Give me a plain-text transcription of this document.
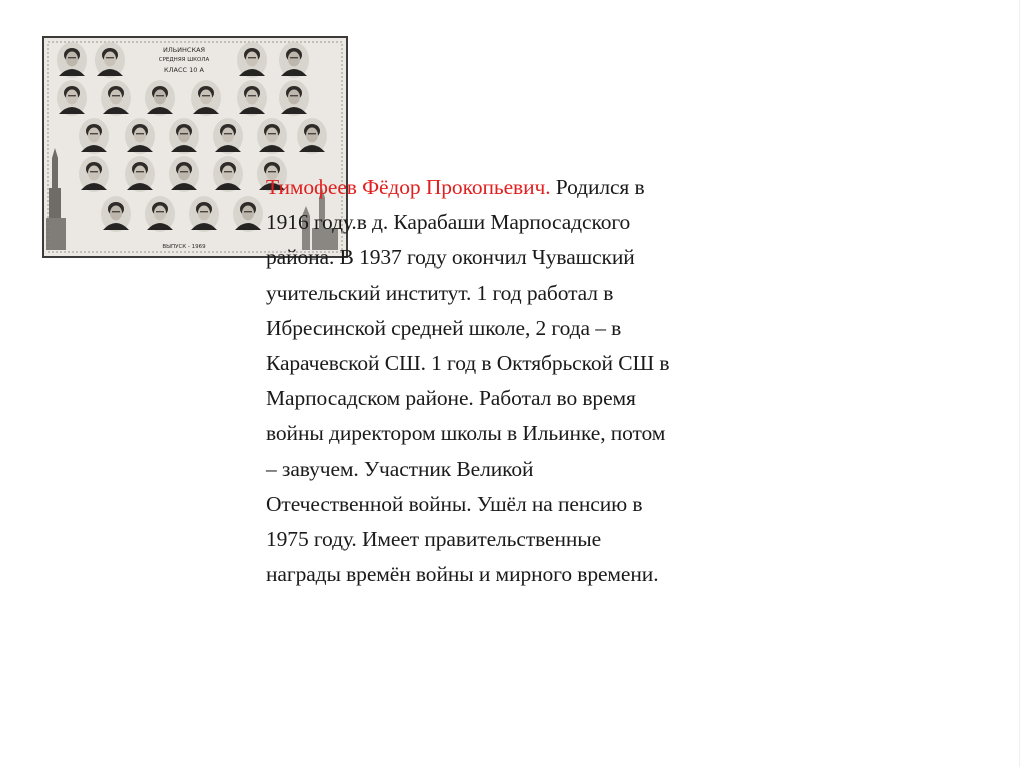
ИЛЬИНСКАЯ
СРЕДНЯЯ ШКОЛА
КЛАСС 10 А
ВЫПУСК - 1969
Тимофеев Фёдор Прокопьевич. Родился в
1916 году.в д. Карабаши Марпосадского
района. В 1937 году окончил Чувашский
учительский институт. 1 год работал в
Ибресинской средней школе, 2 года – в
Карачевской СШ. 1 год в Октябрьской СШ в
Марпосадском районе. Работал во время
войны директором школы в Ильинке, потом
– завучем. Участник Великой
Отечественной войны. Ушёл на пенсию в
1975 году. Имеет правительственные
награды времён войны и мирного времени.
